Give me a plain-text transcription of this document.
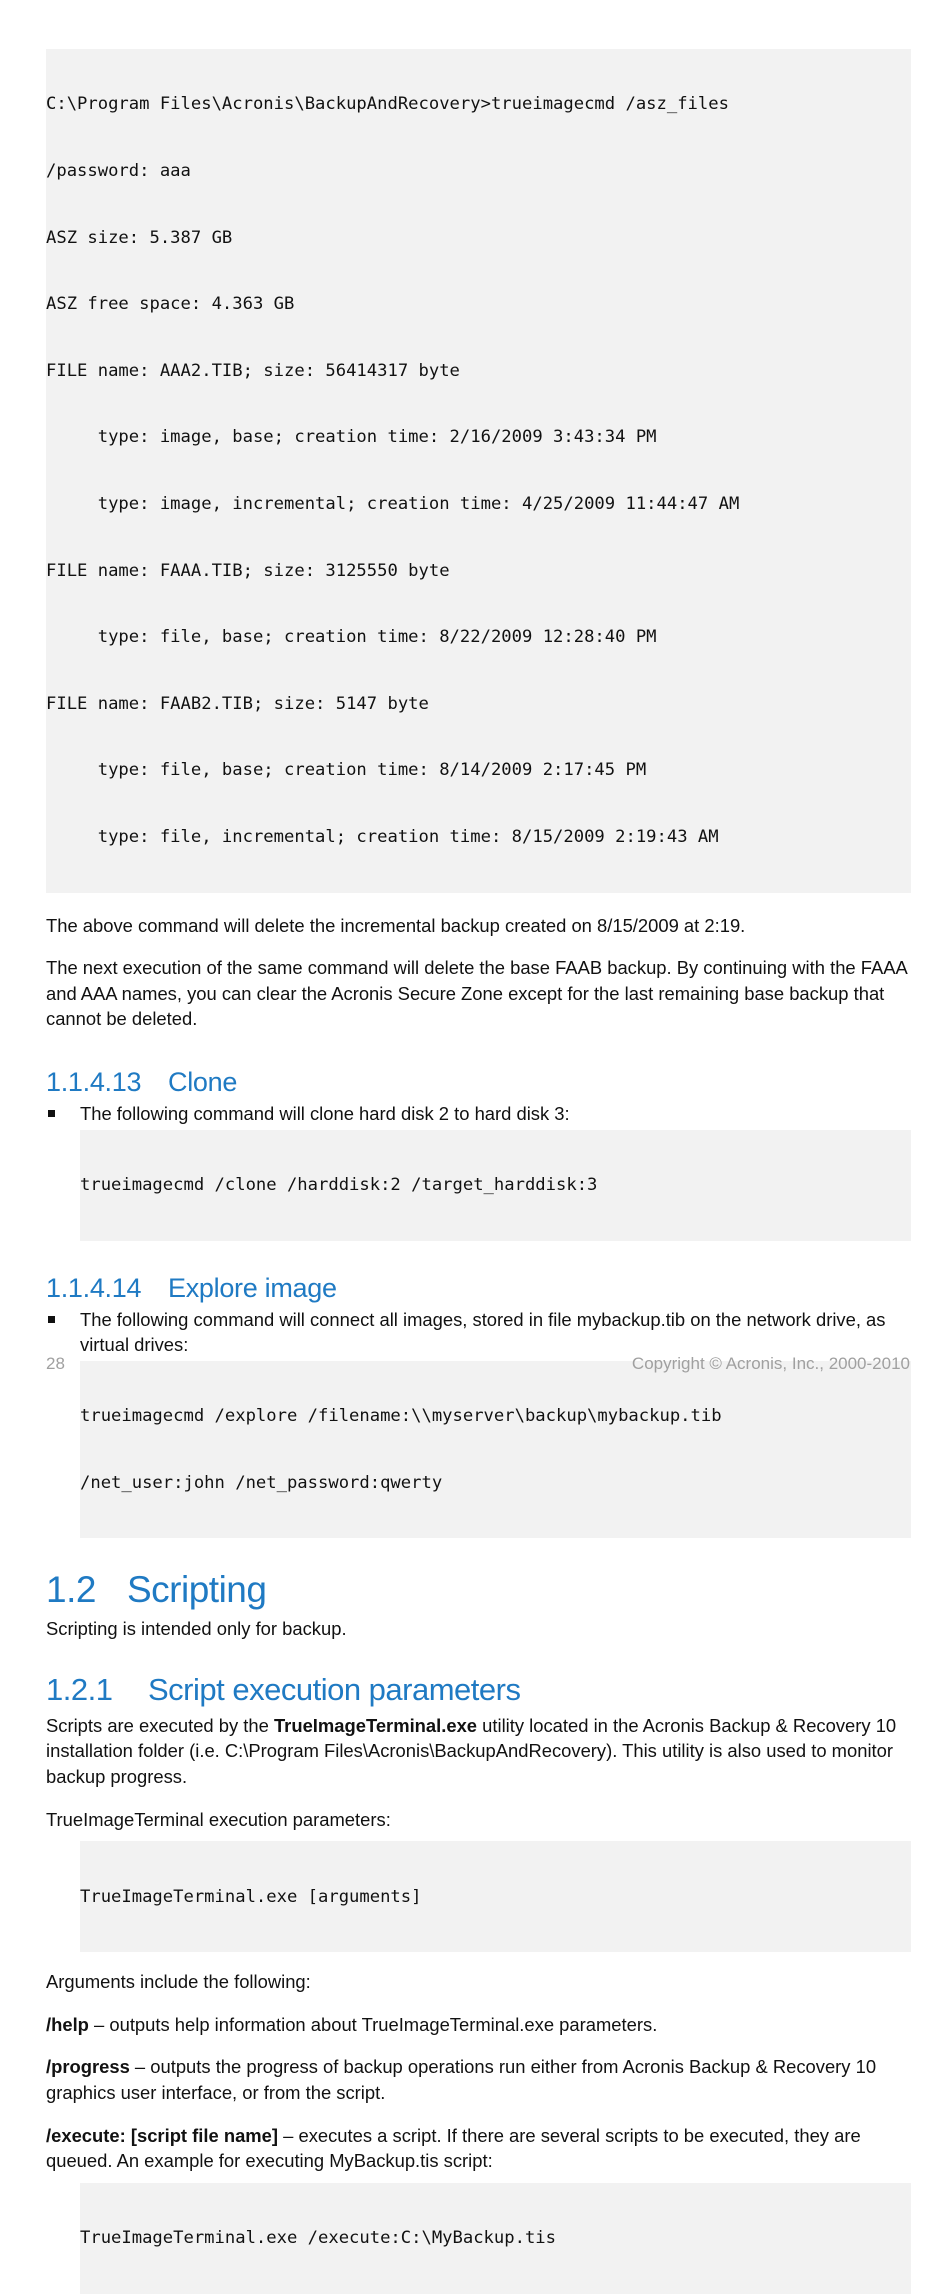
C:\Program Files\Acronis\BackupAndRecovery>trueimagecmd /asz_files

/password: aaa

ASZ size: 5.387 GB

ASZ free space: 4.363 GB

FILE name: AAA2.TIB; size: 56414317 byte

type: image, base; creation time: 2/16/2009 3:43:34 PM

type: image, incremental; creation time: 4/25/2009 11:44:47 AM

FILE name: FAAA.TIB; size: 3125550 byte

type: file, base; creation time: 8/22/2009 12:28:40 PM

FILE name: FAAB2.TIB; size: 5147 byte

type: file, base; creation time: 8/14/2009 2:17:45 PM

type: file, incremental; creation time: 8/15/2009 2:19:43 AM

The above command will delete the incremental backup created on 8/15/2009 at 2:19.

The next execution of the same command will delete the base FAAB backup. By continuing with the FAAA and AAA names, you can clear the Acronis Secure Zone except for the last remaining base backup that cannot be deleted.

1.1.4.13 Clone
The following command will clone hard disk 2 to hard disk 3:

trueimagecmd /clone /harddisk:2 /target_harddisk:3

1.1.4.14 Explore image
The following command will connect all images, stored in file mybackup.tib on the network drive, as virtual drives:

trueimagecmd /explore /filename:\\myserver\backup\mybackup.tib

/net_user:john /net_password:qwerty

1.2 Scripting

Scripting is intended only for backup.

1.2.1 Script execution parameters

Scripts are executed by the TrueImageTerminal.exe utility located in the Acronis Backup & Recovery 10 installation folder (i.e. C:\Program Files\Acronis\BackupAndRecovery). This utility is also used to monitor backup progress.

TrueImageTerminal execution parameters:

TrueImageTerminal.exe [arguments]

Arguments include the following:

/help – outputs help information about TrueImageTerminal.exe parameters.

/progress – outputs the progress of backup operations run either from Acronis Backup & Recovery 10 graphics user interface, or from the script.

/execute: [script file name] – executes a script. If there are several scripts to be executed, they are queued. An example for executing MyBackup.tis script:

TrueImageTerminal.exe /execute:C:\MyBackup.tis

28	Copyright © Acronis, Inc., 2000-2010
